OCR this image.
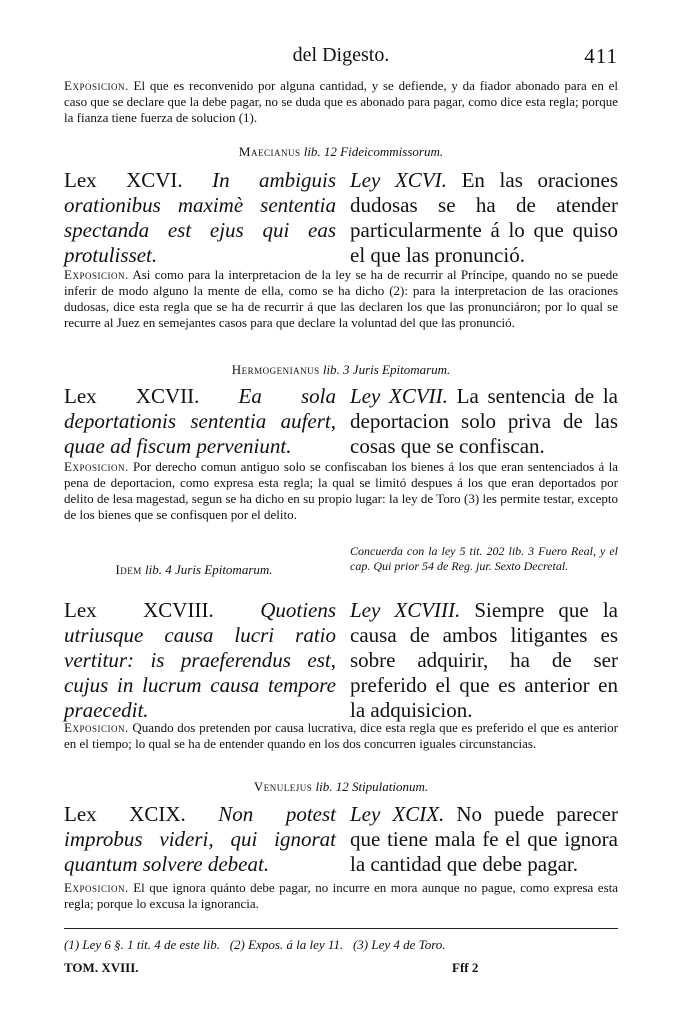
del Digesto.	411
Exposicion. El que es reconvenido por alguna cantidad, y se defiende, y da fiador abonado para en el caso que se declare que la debe pagar, no se duda que es abonado para pagar, como dice esta regla; porque la fianza tiene fuerza de solucion (1).
Maecianus lib. 12 Fideicommissorum.
Lex XCVI. In ambiguis orationibus maximè sententia spectanda est ejus qui eas protulisset.
Ley XCVI. En las oraciones dudosas se ha de atender particularmente á lo que quiso el que las pronunció.
Exposicion. Asi como para la interpretacion de la ley se ha de recurrir al Príncipe, quando no se puede inferir de modo alguno la mente de ella, como se ha dicho (2): para la interpretacion de las oraciones dudosas, dice esta regla que se ha de recurrir á que las declaren los que las pronunciáron; por lo qual se recurre al Juez en semejantes casos para que declare la voluntad del que las pronunció.
Hermogenianus lib. 3 Juris Epitomarum.
Lex XCVII. Ea sola deportationis sententia aufert, quae ad fiscum perveniunt.
Ley XCVII. La sentencia de la deportacion solo priva de las cosas que se confiscan.
Exposicion. Por derecho comun antiguo solo se confiscaban los bienes á los que eran sentenciados á la pena de deportacion, como expresa esta regla; la qual se limitó despues á los que eran deportados por delito de lesa magestad, segun se ha dicho en su propio lugar: la ley de Toro (3) les permite testar, excepto de los bienes que se confisquen por el delito.
Idem lib. 4 Juris Epitomarum.
Concuerda con la ley 5 tit. 202 lib. 3 Fuero Real, y el cap. Qui prior 54 de Reg. jur. Sexto Decretal.
Lex XCVIII. Quotiens utriusque causa lucri ratio vertitur: is praeferendus est, cujus in lucrum causa tempore praecedit.
Ley XCVIII. Siempre que la causa de ambos litigantes es sobre adquirir, ha de ser preferido el que es anterior en la adquisicion.
Exposicion. Quando dos pretenden por causa lucrativa, dice esta regla que es preferido el que es anterior en el tiempo; lo qual se ha de entender quando en los dos concurren iguales circunstancias.
Venulejus lib. 12 Stipulationum.
Lex XCIX. Non potest improbus videri, qui ignorat quantum solvere debeat.
Ley XCIX. No puede parecer que tiene mala fe el que ignora la cantidad que debe pagar.
Exposicion. El que ignora quánto debe pagar, no incurre en mora aunque no pague, como expresa esta regla; porque lo excusa la ignorancia.
(1) Ley 6 §. 1 tit. 4 de este lib. (2) Expos. á la ley 11. (3) Ley 4 de Toro.
TOM. XVIII.	Fff 2
